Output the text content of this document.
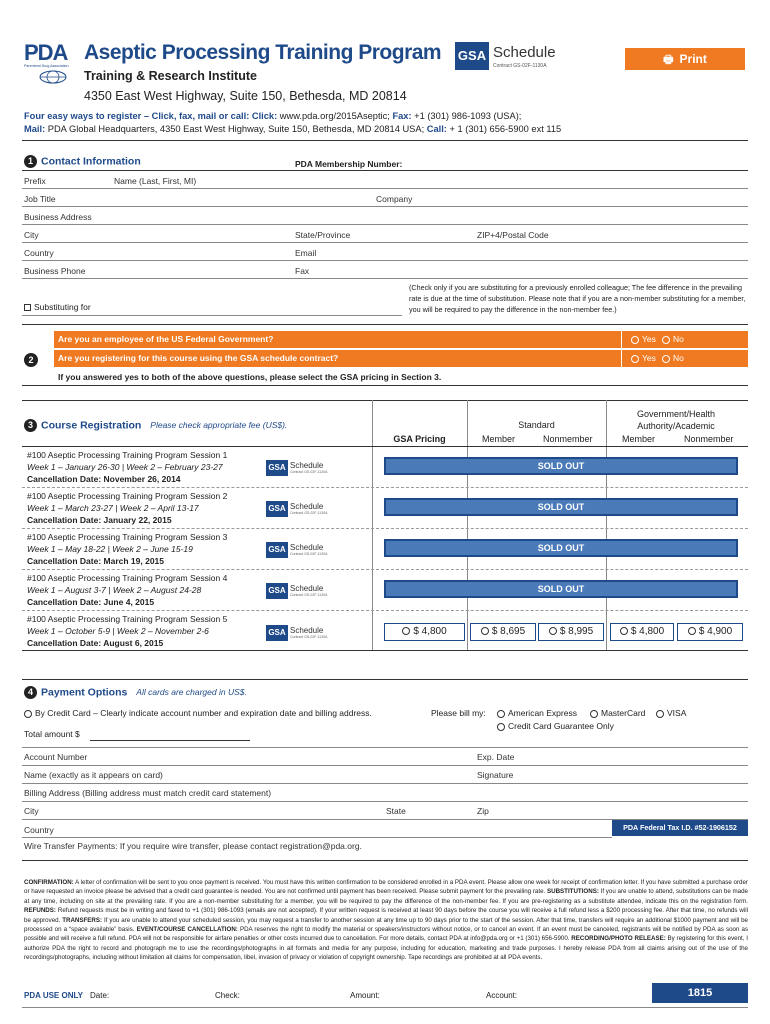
PDA
Parenteral Drug Association
Aseptic Processing Training Program GSA Schedule
Contract GS-02F-1130A	🖶 Print
Training & Research Institute
4350 East West Highway, Suite 150, Bethesda, MD 20814
Four easy ways to register – Click, fax, mail or call: Click: www.pda.org/2015Aseptic; Fax: +1 (301) 986-1093 (USA);
Mail: PDA Global Headquarters, 4350 East West Highway, Suite 150, Bethesda, MD 20814 USA; Call: + 1 (301) 656-5900 ext 115
1 Contact Information	PDA Membership Number:
Prefix	Name (Last, First, MI)
Job Title	Company
Business Address
City	State/Province	ZIP+4/Postal Code
Country	Email
Business Phone	Fax
Substituting for
(Check only if you are substituting for a previously enrolled colleague; The fee difference in the prevailing rate is due at the time of substitution. Please note that if you are a non-member substituting for a member, you will be required to pay the difference in the non-member fee.)
2
Are you an employee of the US Federal Government?	Yes	No
Are you registering for this course using the GSA schedule contract?	Yes	No
If you answered yes to both of the above questions, please select the GSA pricing in Section 3.
3 Course Registration Please check appropriate fee (US$).	Standard
Government/Health Authority/Academic
GSA Pricing	Member	Nonmember	Member	Nonmember
#100 Aseptic Processing Training Program Session 1
Week 1 – January 26-30 | Week 2 – February 23-27
Cancellation Date: November 26, 2014
GSA Schedule
Contract GS-02F-1130A
SOLD OUT
#100 Aseptic Processing Training Program Session 2
Week 1 – March 23-27 | Week 2 – April 13-17
Cancellation Date: January 22, 2015
GSA Schedule
Contract GS-02F-1130A
SOLD OUT
#100 Aseptic Processing Training Program Session 3
Week 1 – May 18-22 | Week 2 – June 15-19
Cancellation Date: March 19, 2015
GSA Schedule
Contract GS-02F-1130A
SOLD OUT
#100 Aseptic Processing Training Program Session 4
Week 1 – August 3-7 | Week 2 – August 24-28
Cancellation Date: June 4, 2015
GSA Schedule
Contract GS-02F-1130A
SOLD OUT
#100 Aseptic Processing Training Program Session 5
Week 1 – October 5-9 | Week 2 – November 2-6
Cancellation Date: August 6, 2015
GSA Schedule
Contract GS-02F-1130A	$ 4,800	$ 8,695	$ 8,995	$ 4,800	$ 4,900
4 Payment Options All cards are charged in US$.
By Credit Card – Clearly indicate account number and expiration date and billing address.	Please bill my:	American Express	MasterCard	VISA
Credit Card Guarantee Only
Total amount $
Account Number	Exp. Date
Name (exactly as it appears on card)	Signature
Billing Address (Billing address must match credit card statement)
City	State	Zip
Country	PDA Federal Tax I.D. #52-1906152
Wire Transfer Payments: If you require wire transfer, please contact registration@pda.org.
CONFIRMATION: A letter of confirmation will be sent to you once payment is received. You must have this written confirmation to be considered enrolled in a PDA event. Please allow one week for receipt of confirmation letter. If you have submitted a purchase order or have requested an invoice please be advised that a credit card guarantee is needed. You are not confirmed until payment has been received. Please submit payment for the prevailing rate. SUBSTITUTIONS: If you are unable to attend, substitutions can be made at any time, including on site at the prevailing rate. If you are a non-member substituting for a member, you will be required to pay the difference of the non-member fee. If you are pre-registering as a substitute attendee, indicate this on the registration form. REFUNDS: Refund requests must be in writing and faxed to +1 (301) 986-1093 (emails are not accepted). If your written request is received at least 90 days before the course you will receive a full refund less a $200 processing fee. After that time, no refunds will be approved. TRANSFERS: If you are unable to attend your scheduled session, you may request a transfer to another session at any time up to 90 days prior to the start of the session. After that time, transfers will require an additional $1000 payment and will be processed on a “space available” basis. EVENT/COURSE CANCELLATION: PDA reserves the right to modify the material or speakers/instructors without notice, or to cancel an event. If an event must be canceled, registrants will be notified by PDA as soon as possible and will receive a full refund. PDA will not be responsible for airfare penalties or other costs incurred due to cancellation. For more details, contact PDA at info@pda.org or +1 (301) 656-5900. RECORDING/PHOTO RELEASE: By registering for this event, I authorize PDA the right to record and photograph me to use the recordings/photographs in all formats and media for any purpose, including for education, marketing and trade purposes. I hereby release PDA from all claims arising out of the use of the recordings/photographs, including without limitation all claims for compensation, libel, invasion of privacy or violation of copyright ownership. Tape recordings are prohibited at all PDA events.
PDA USE ONLY Date:	Check:	Amount:	Account:	1815
